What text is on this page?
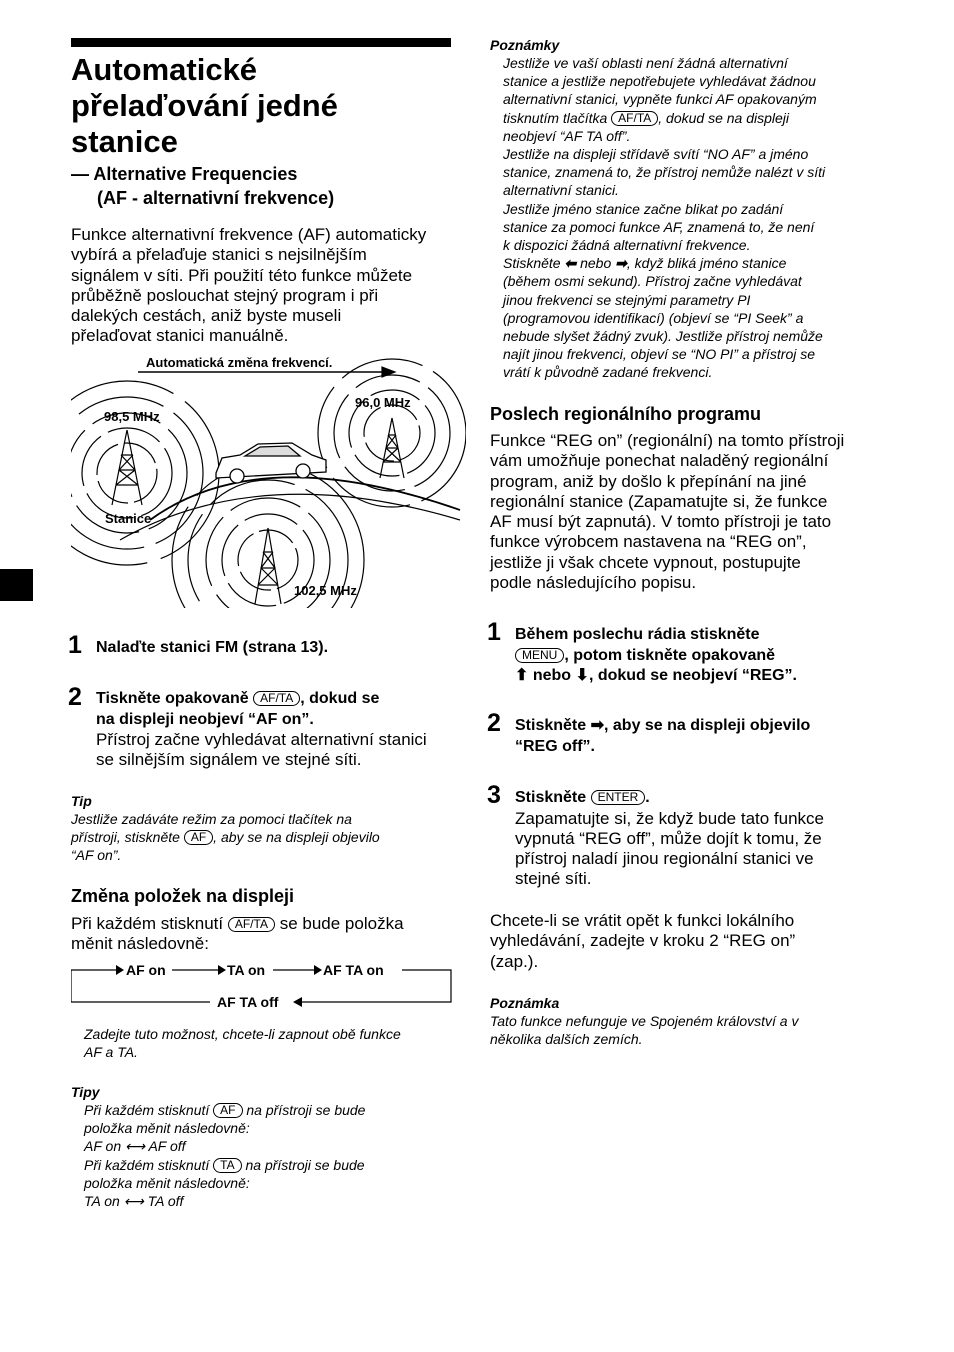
Automatické
přelaďování jedné
stanice
— Alternative Frequencies
(AF - alternativní frekvence)
Funkce alternativní frekvence (AF) automaticky
vybírá a přelaďuje stanici s nejsilnějším
signálem v síti. Při použití této funkce můžete
průběžně poslouchat stejný program i při
dalekých cestách, aniž byste museli
přelaďovat stanici manuálně.
Automatická změna frekvencí.
98,5 MHz
96,0 MHz
102,5 MHz
Stanice
1 Nalaďte stanici FM (strana 13).
2 Tiskněte opakovaně AF/TA , dokud se
na displeji neobjeví “AF on”.
Přístroj začne vyhledávat alternativní stanici
se silnějším signálem ve stejné síti.
Tip
Jestliže zadáváte režim za pomoci tlačítek na
přístroji, stiskněte AF , aby se na displeji objevilo
“AF on”.
Změna položek na displeji
Při každém stisknutí AF/TA se bude položka
měnit následovně:
AF on	TA on	AF TA on
AF TA off
Zadejte tuto možnost, chcete-li zapnout obě funkce
AF a TA.
Tipy
Při každém stisknutí AF na přístroji se bude
položka měnit následovně:
AF on ⟷ AF off
Při každém stisknutí TA na přístroji se bude
položka měnit následovně:
TA on ⟷ TA off
Poznámky
Jestliže ve vaší oblasti není žádná alternativní
stanice a jestliže nepotřebujete vyhledávat žádnou
alternativní stanici, vypněte funkci AF opakovaným
tisknutím tlačítka AF/TA , dokud se na displeji
neobjeví “AF TA off”.
Jestliže na displeji střídavě svítí “NO AF” a jméno
stanice, znamená to, že přístroj nemůže nalézt v síti
alternativní stanici.
Jestliže jméno stanice začne blikat po zadání
stanice za pomoci funkce AF, znamená to, že není
k dispozici žádná alternativní frekvence.
Stiskněte ⬅ nebo ➡, když bliká jméno stanice
(během osmi sekund). Přístroj začne vyhledávat
jinou frekvenci se stejnými parametry PI
(programovou identifikací) (objeví se “PI Seek” a
nebude slyšet žádný zvuk). Jestliže přístroj nemůže
najít jinou frekvenci, objeví se “NO PI” a přístroj se
vrátí k původně zadané frekvenci.
Poslech regionálního programu
Funkce “REG on” (regionální) na tomto přístroji
vám umožňuje ponechat naladěný regionální
program, aniž by došlo k přepínání na jiné
regionální stanice (Zapamatujte si, že funkce
AF musí být zapnutá). V tomto přístroji je tato
funkce výrobcem nastavena na “REG on”,
jestliže ji však chcete vypnout, postupujte
podle následujícího popisu.
1 Během poslechu rádia stiskněte
MENU , potom tiskněte opakovaně
⬆ nebo ⬇, dokud se neobjeví “REG”.
2 Stiskněte ➡, aby se na displeji objevilo
“REG off”.
3 Stiskněte ENTER .
Zapamatujte si, že když bude tato funkce
vypnutá “REG off”, může dojít k tomu, že
přístroj naladí jinou regionální stanici ve
stejné síti.
Chcete-li se vrátit opět k funkci lokálního
vyhledávání, zadejte v kroku 2 “REG on”
(zap.).
Poznámka
Tato funkce nefunguje ve Spojeném království a v
několika dalších zemích.
